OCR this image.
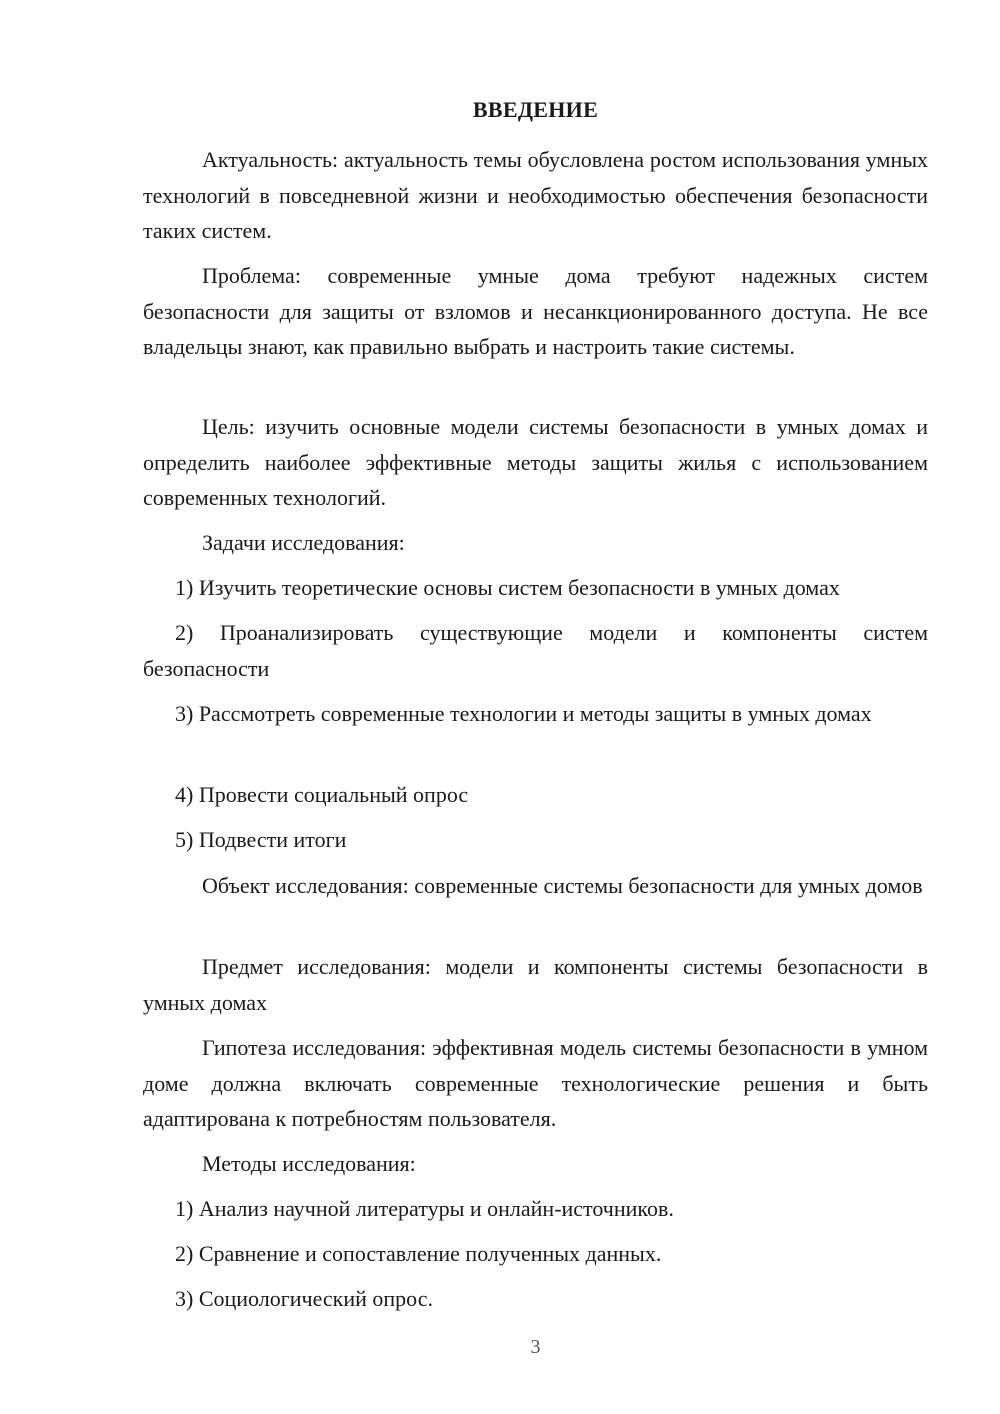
ВВЕДЕНИЕ

Актуальность: актуальность темы обусловлена ростом использования умных технологий в повседневной жизни и необходимостью обеспечения безопасности таких систем.

Проблема: современные умные дома требуют надежных систем безопасности для защиты от взломов и несанкционированного доступа. Не все владельцы знают, как правильно выбрать и настроить такие системы.

Цель: изучить основные модели системы безопасности в умных домах и определить наиболее эффективные методы защиты жилья с использованием современных технологий.

Задачи исследования:

1) Изучить теоретические основы систем безопасности в умных домах

2) Проанализировать существующие модели и компоненты систем безопасности

3) Рассмотреть современные технологии и методы защиты в умных домах

4) Провести социальный опрос

5) Подвести итоги

Объект исследования: современные системы безопасности для умных домов

Предмет исследования: модели и компоненты системы безопасности в умных домах

Гипотеза исследования: эффективная модель системы безопасности в умном доме должна включать современные технологические решения и быть адаптирована к потребностям пользователя.

Методы исследования:

1) Анализ научной литературы и онлайн-источников.

2) Сравнение и сопоставление полученных данных.

3) Социологический опрос.

3
